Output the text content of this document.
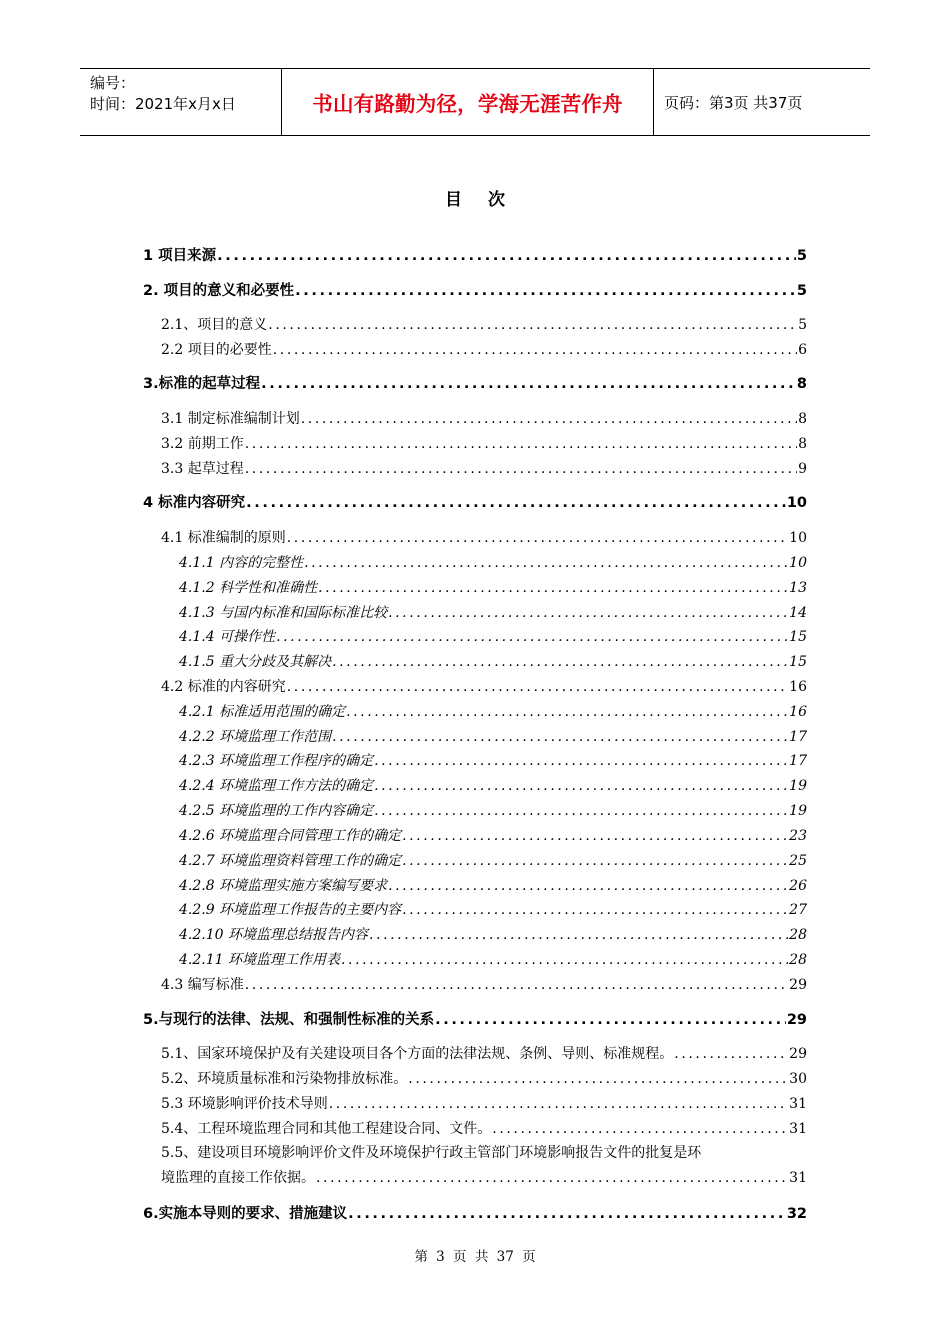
编号：
时间：2021年x月x日	书山有路勤为径，学海无涯苦作舟	页码：第3页 共37页
目次
1 项目来源 .....	5
2. 项目的意义和必要性 .....	5
2.1、项目的意义 .....	5
2.2 项目的必要性 .....	6
3.标准的起草过程 .....	8
3.1 制定标准编制计划 .....	8
3.2 前期工作 .....	8
3.3 起草过程 .....	9
4 标准内容研究 .....	10
4.1 标准编制的原则 .....	10
4.1.1 内容的完整性 .....	10
4.1.2 科学性和准确性 .....	13
4.1.3 与国内标准和国际标准比较 .....	14
4.1.4 可操作性 .....	15
4.1.5 重大分歧及其解决 .....	15
4.2 标准的内容研究 .....	16
4.2.1 标准适用范围的确定 .....	16
4.2.2 环境监理工作范围 .....	17
4.2.3 环境监理工作程序的确定 .....	17
4.2.4 环境监理工作方法的确定 .....	19
4.2.5 环境监理的工作内容确定 .....	19
4.2.6 环境监理合同管理工作的确定 .....	23
4.2.7 环境监理资料管理工作的确定 .....	25
4.2.8 环境监理实施方案编写要求 .....	26
4.2.9 环境监理工作报告的主要内容 .....	27
4.2.10 环境监理总结报告内容 .....	28
4.2.11 环境监理工作用表 .....	28
4.3 编写标准 .....	29
5.与现行的法律、法规、和强制性标准的关系 .....	29
5.1、国家环境保护及有关建设项目各个方面的法律法规、条例、导则、标准规程。 .....	29
5.2、环境质量标准和污染物排放标准。 .....	30
5.3 环境影响评价技术导则 .....	31
5.4、工程环境监理合同和其他工程建设合同、文件。 .....	31
5.5、建设项目环境影响评价文件及环境保护行政主管部门环境影响报告文件的批复是环
境监理的直接工作依据。 .....	31
6.实施本导则的要求、措施建议 .....	32
第 3 页 共 37 页
